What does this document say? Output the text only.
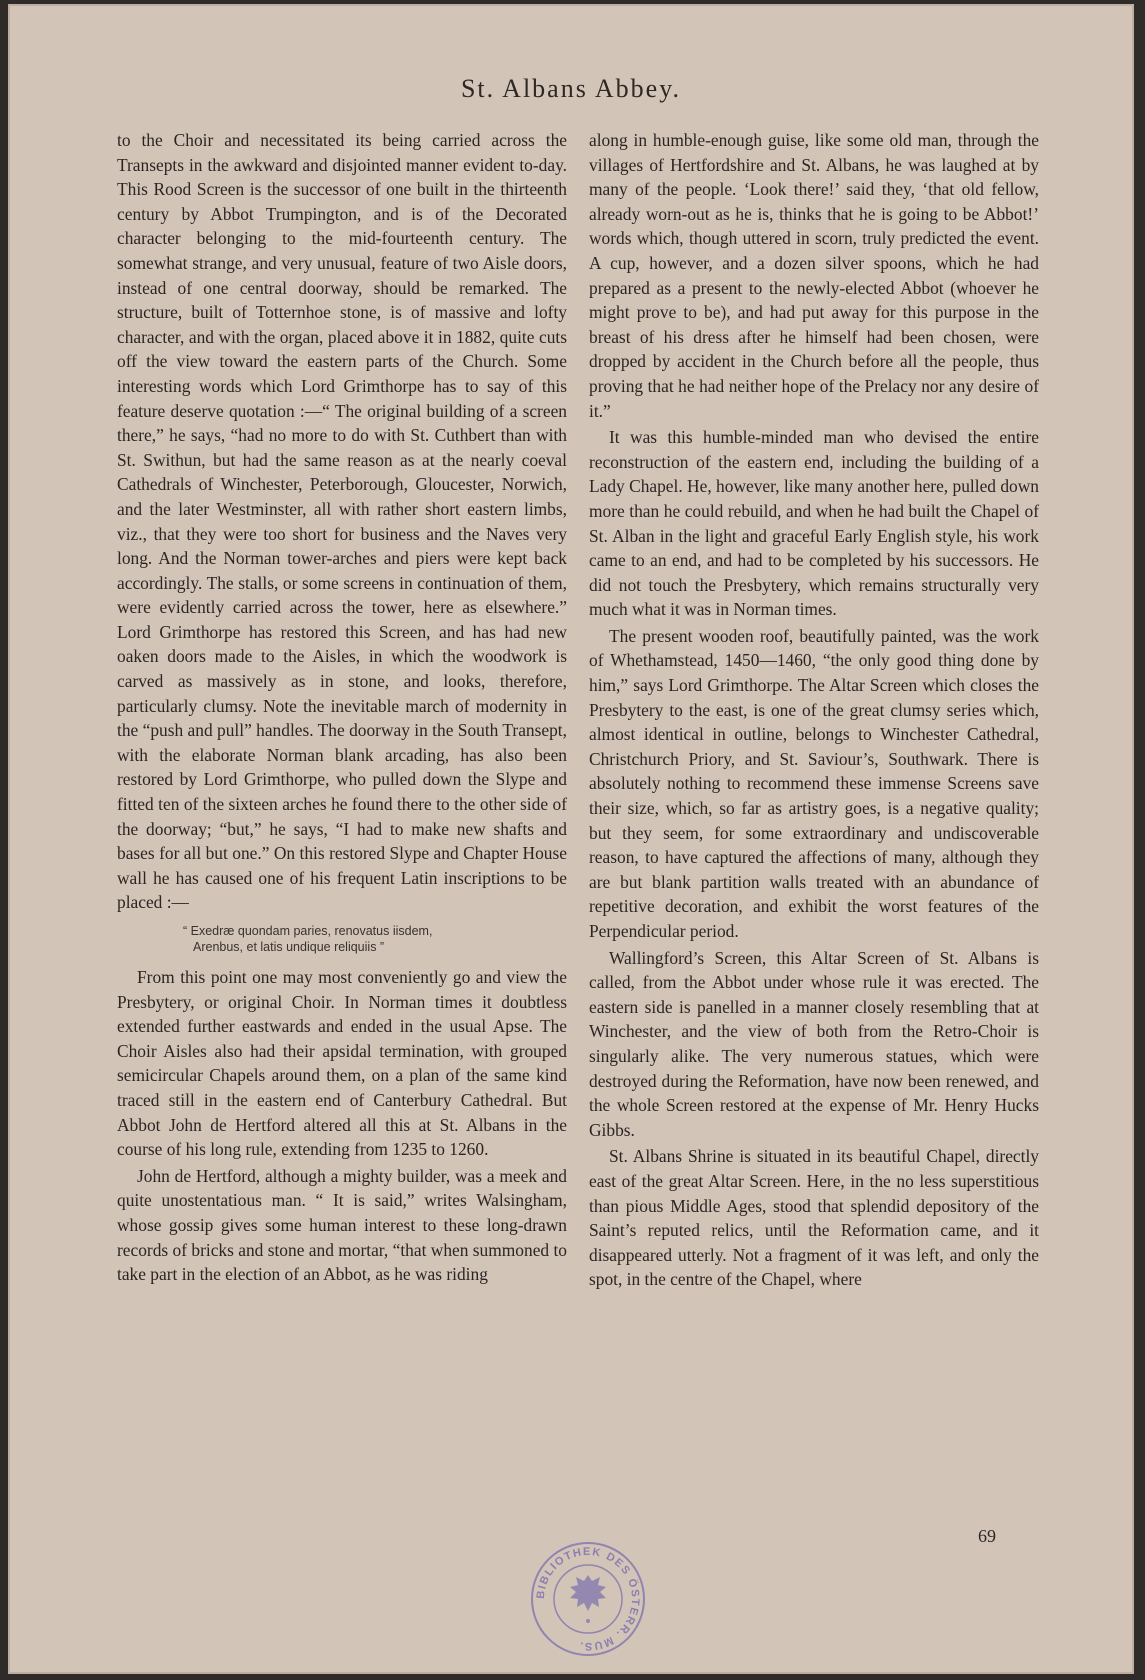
St. Albans Abbey.

to the Choir and necessitated its being carried across the Transepts in the awkward and disjointed manner evident to-day. This Rood Screen is the successor of one built in the thirteenth century by Abbot Trumpington, and is of the Decorated character belonging to the mid-fourteenth century. The somewhat strange, and very unusual, feature of two Aisle doors, instead of one central doorway, should be remarked. The structure, built of Totternhoe stone, is of massive and lofty character, and with the organ, placed above it in 1882, quite cuts off the view toward the eastern parts of the Church. Some interesting words which Lord Grimthorpe has to say of this feature deserve quotation :—“ The original building of a screen there,” he says, “had no more to do with St. Cuthbert than with St. Swithun, but had the same reason as at the nearly coeval Cathedrals of Winchester, Peterborough, Gloucester, Norwich, and the later Westminster, all with rather short eastern limbs, viz., that they were too short for business and the Naves very long. And the Norman tower-arches and piers were kept back accordingly. The stalls, or some screens in continuation of them, were evidently carried across the tower, here as elsewhere.” Lord Grimthorpe has restored this Screen, and has had new oaken doors made to the Aisles, in which the woodwork is carved as massively as in stone, and looks, therefore, particularly clumsy. Note the inevitable march of modernity in the “push and pull” handles. The doorway in the South Transept, with the elaborate Norman blank arcading, has also been restored by Lord Grimthorpe, who pulled down the Slype and fitted ten of the sixteen arches he found there to the other side of the doorway; “but,” he says, “I had to make new shafts and bases for all but one.” On this restored Slype and Chapter House wall he has caused one of his frequent Latin inscriptions to be placed :—

“ Exedræ quondam paries, renovatus iisdem,
Arenbus, et latis undique reliquiis ”

From this point one may most conveniently go and view the Presbytery, or original Choir. In Norman times it doubtless extended further eastwards and ended in the usual Apse. The Choir Aisles also had their apsidal termination, with grouped semicircular Chapels around them, on a plan of the same kind traced still in the eastern end of Canterbury Cathedral. But Abbot John de Hertford altered all this at St. Albans in the course of his long rule, extending from 1235 to 1260.

John de Hertford, although a mighty builder, was a meek and quite unostentatious man. “ It is said,” writes Walsingham, whose gossip gives some human interest to these long-drawn records of bricks and stone and mortar, “that when summoned to take part in the election of an Abbot, as he was riding

along in humble-enough guise, like some old man, through the villages of Hertfordshire and St. Albans, he was laughed at by many of the people. ‘Look there!’ said they, ‘that old fellow, already worn-out as he is, thinks that he is going to be Abbot!’ words which, though uttered in scorn, truly predicted the event. A cup, however, and a dozen silver spoons, which he had prepared as a present to the newly-elected Abbot (whoever he might prove to be), and had put away for this purpose in the breast of his dress after he himself had been chosen, were dropped by accident in the Church before all the people, thus proving that he had neither hope of the Prelacy nor any desire of it.”

It was this humble-minded man who devised the entire reconstruction of the eastern end, including the building of a Lady Chapel. He, however, like many another here, pulled down more than he could rebuild, and when he had built the Chapel of St. Alban in the light and graceful Early English style, his work came to an end, and had to be completed by his successors. He did not touch the Presbytery, which remains structurally very much what it was in Norman times.

The present wooden roof, beautifully painted, was the work of Whethamstead, 1450—1460, “the only good thing done by him,” says Lord Grimthorpe. The Altar Screen which closes the Presbytery to the east, is one of the great clumsy series which, almost identical in outline, belongs to Winchester Cathedral, Christchurch Priory, and St. Saviour’s, Southwark. There is absolutely nothing to recommend these immense Screens save their size, which, so far as artistry goes, is a negative quality; but they seem, for some extraordinary and undiscoverable reason, to have captured the affections of many, although they are but blank partition walls treated with an abundance of repetitive decoration, and exhibit the worst features of the Perpendicular period.

Wallingford’s Screen, this Altar Screen of St. Albans is called, from the Abbot under whose rule it was erected. The eastern side is panelled in a manner closely resembling that at Winchester, and the view of both from the Retro-Choir is singularly alike. The very numerous statues, which were destroyed during the Reformation, have now been renewed, and the whole Screen restored at the expense of Mr. Henry Hucks Gibbs.

St. Albans Shrine is situated in its beautiful Chapel, directly east of the great Altar Screen. Here, in the no less superstitious than pious Middle Ages, stood that splendid depository of the Saint’s reputed relics, until the Reformation came, and it disappeared utterly. Not a fragment of it was left, and only the spot, in the centre of the Chapel, where

69
BIBLIOTHEK DES ÖSTERR. MUS.
